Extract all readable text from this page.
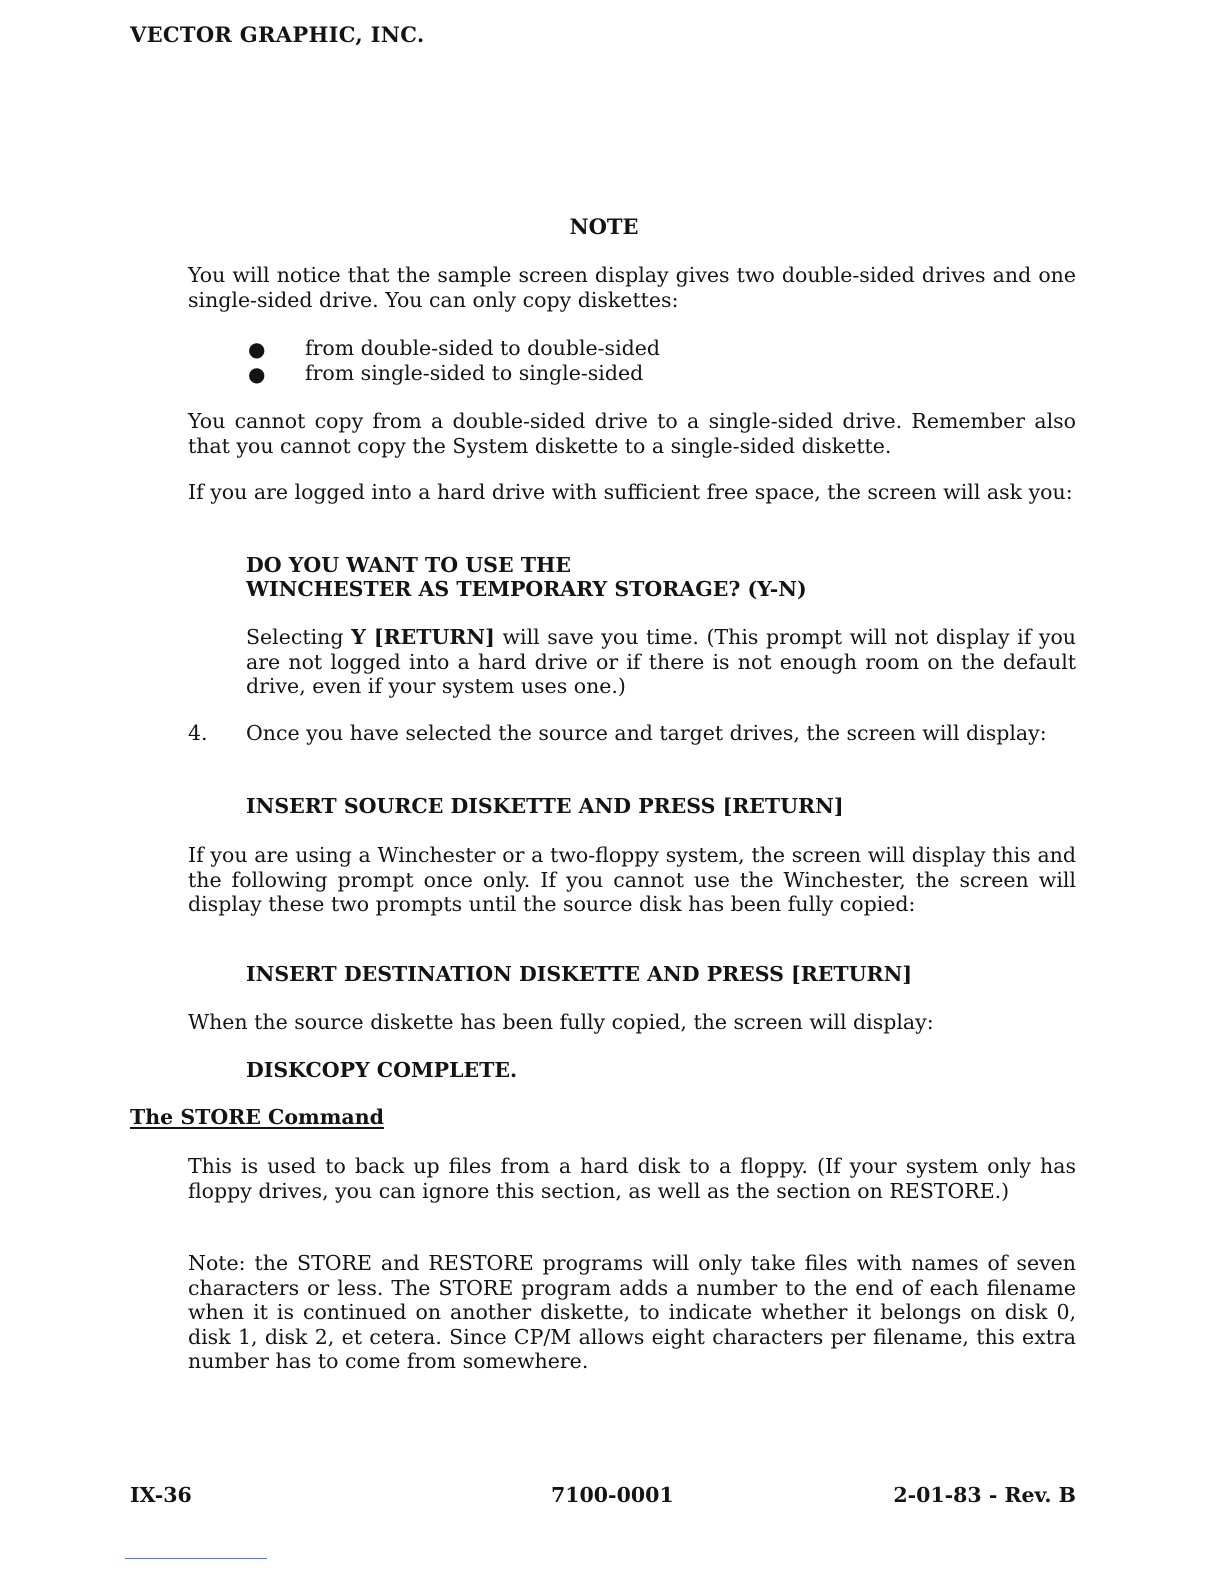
VECTOR GRAPHIC, INC.
NOTE
You will notice that the sample screen display gives two double-sided drives and one single-sided drive. You can only copy diskettes:
● from double-sided to double-sided
● from single-sided to single-sided
You cannot copy from a double-sided drive to a single-sided drive. Remember also that you cannot copy the System diskette to a single-sided diskette.
If you are logged into a hard drive with sufficient free space, the screen will ask you:
DO YOU WANT TO USE THE
WINCHESTER AS TEMPORARY STORAGE? (Y-N)
Selecting Y [RETURN] will save you time. (This prompt will not display if you are not logged into a hard drive or if there is not enough room on the default drive, even if your system uses one.)
4. Once you have selected the source and target drives, the screen will display:
INSERT SOURCE DISKETTE AND PRESS [RETURN]
If you are using a Winchester or a two-floppy system, the screen will display this and the following prompt once only. If you cannot use the Winchester, the screen will display these two prompts until the source disk has been fully copied:
INSERT DESTINATION DISKETTE AND PRESS [RETURN]
When the source diskette has been fully copied, the screen will display:
DISKCOPY COMPLETE.
The STORE Command
This is used to back up files from a hard disk to a floppy. (If your system only has floppy drives, you can ignore this section, as well as the section on RESTORE.)
Note: the STORE and RESTORE programs will only take files with names of seven characters or less. The STORE program adds a number to the end of each filename when it is continued on another diskette, to indicate whether it belongs on disk 0, disk 1, disk 2, et cetera. Since CP/M allows eight characters per filename, this extra number has to come from somewhere.
IX-36	7100-0001	2-01-83 - Rev. B
